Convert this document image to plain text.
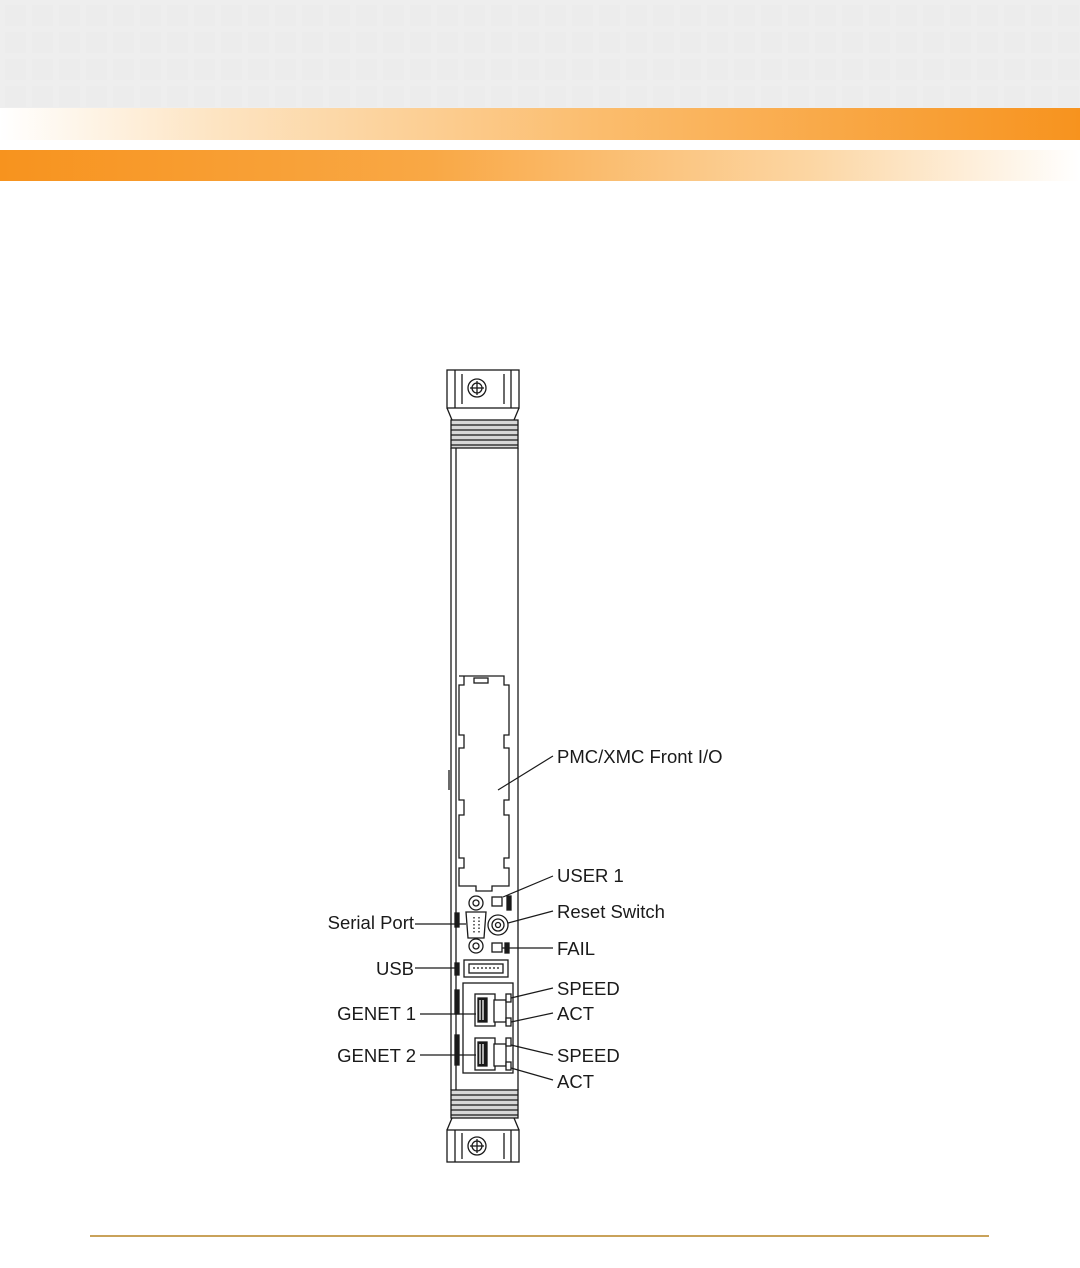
PMC/XMC Front I/O
USER 1
Reset Switch
FAIL
Serial Port
USB
GENET 1
GENET 2
SPEED
ACT
SPEED
ACT
